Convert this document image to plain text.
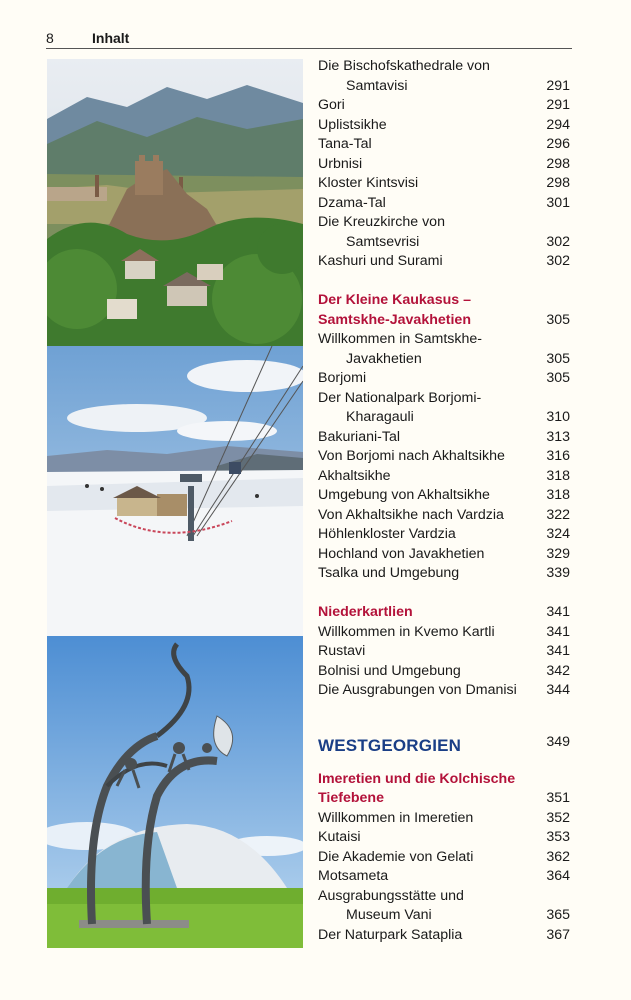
8	Inhalt
Die Bischofskathedrale von
Samtavisi	291
Gori	291
Uplistsikhe	294
Tana-Tal	296
Urbnisi	298
Kloster Kintsvisi	298
Dzama-Tal	301
Die Kreuzkirche von
Samtsevrisi	302
Kashuri und Surami	302
Der Kleine Kaukasus –
Samtskhe-Javakhetien	305
Willkommen in Samtskhe-
Javakhetien	305
Borjomi	305
Der Nationalpark Borjomi-
Kharagauli	310
Bakuriani-Tal	313
Von Borjomi nach Akhaltsikhe	316
Akhaltsikhe	318
Umgebung von Akhaltsikhe	318
Von Akhaltsikhe nach Vardzia	322
Höhlenkloster Vardzia	324
Hochland von Javakhetien	329
Tsalka und Umgebung	339
Niederkartlien	341
Willkommen in Kvemo Kartli	341
Rustavi	341
Bolnisi und Umgebung	342
Die Ausgrabungen von Dmanisi 344
WESTGEORGIEN	349
Imeretien und die Kolchische
Tiefebene	351
Willkommen in Imeretien	352
Kutaisi	353
Die Akademie von Gelati	362
Motsameta	364
Ausgrabungsstätte und
Museum Vani	365
Der Naturpark Sataplia	367
